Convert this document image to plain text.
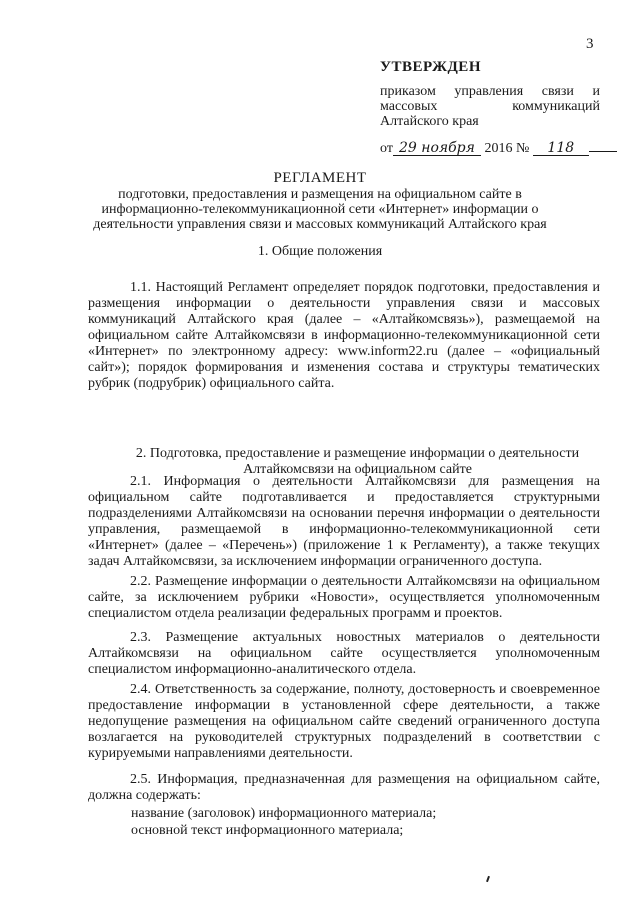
3
УТВЕРЖДЕН
приказом управления связи и массовых коммуникаций Алтайского края
от 29 ноября 2016 № 118
РЕГЛАМЕНТ
подготовки, предоставления и размещения на официальном сайте в информационно-телекоммуникационной сети «Интернет» информации о деятельности управления связи и массовых коммуникаций Алтайского края
1. Общие положения
1.1. Настоящий Регламент определяет порядок подготовки, предоставления и размещения информации о деятельности управления связи и массовых коммуникаций Алтайского края (далее – «Алтайкомсвязь»), размещаемой на официальном сайте Алтайкомсвязи в информационно-телекоммуникационной сети «Интернет» по электронному адресу: www.inform22.ru (далее – «официальный сайт»); порядок формирования и изменения состава и структуры тематических рубрик (подрубрик) официального сайта.
2. Подготовка, предоставление и размещение информации о деятельности Алтайкомсвязи на официальном сайте
2.1. Информация о деятельности Алтайкомсвязи для размещения на официальном сайте подготавливается и предоставляется структурными подразделениями Алтайкомсвязи на основании перечня информации о деятельности управления, размещаемой в информационно-телекоммуникационной сети «Интернет» (далее – «Перечень») (приложение 1 к Регламенту), а также текущих задач Алтайкомсвязи, за исключением информации ограниченного доступа.
2.2. Размещение информации о деятельности Алтайкомсвязи на официальном сайте, за исключением рубрики «Новости», осуществляется уполномоченным специалистом отдела реализации федеральных программ и проектов.
2.3. Размещение актуальных новостных материалов о деятельности Алтайкомсвязи на официальном сайте осуществляется уполномоченным специалистом информационно-аналитического отдела.
2.4. Ответственность за содержание, полноту, достоверность и своевременное предоставление информации в установленной сфере деятельности, а также недопущение размещения на официальном сайте сведений ограниченного доступа возлагается на руководителей структурных подразделений в соответствии с курируемыми направлениями деятельности.
2.5. Информация, предназначенная для размещения на официальном сайте, должна содержать:
название (заголовок) информационного материала;
основной текст информационного материала;
